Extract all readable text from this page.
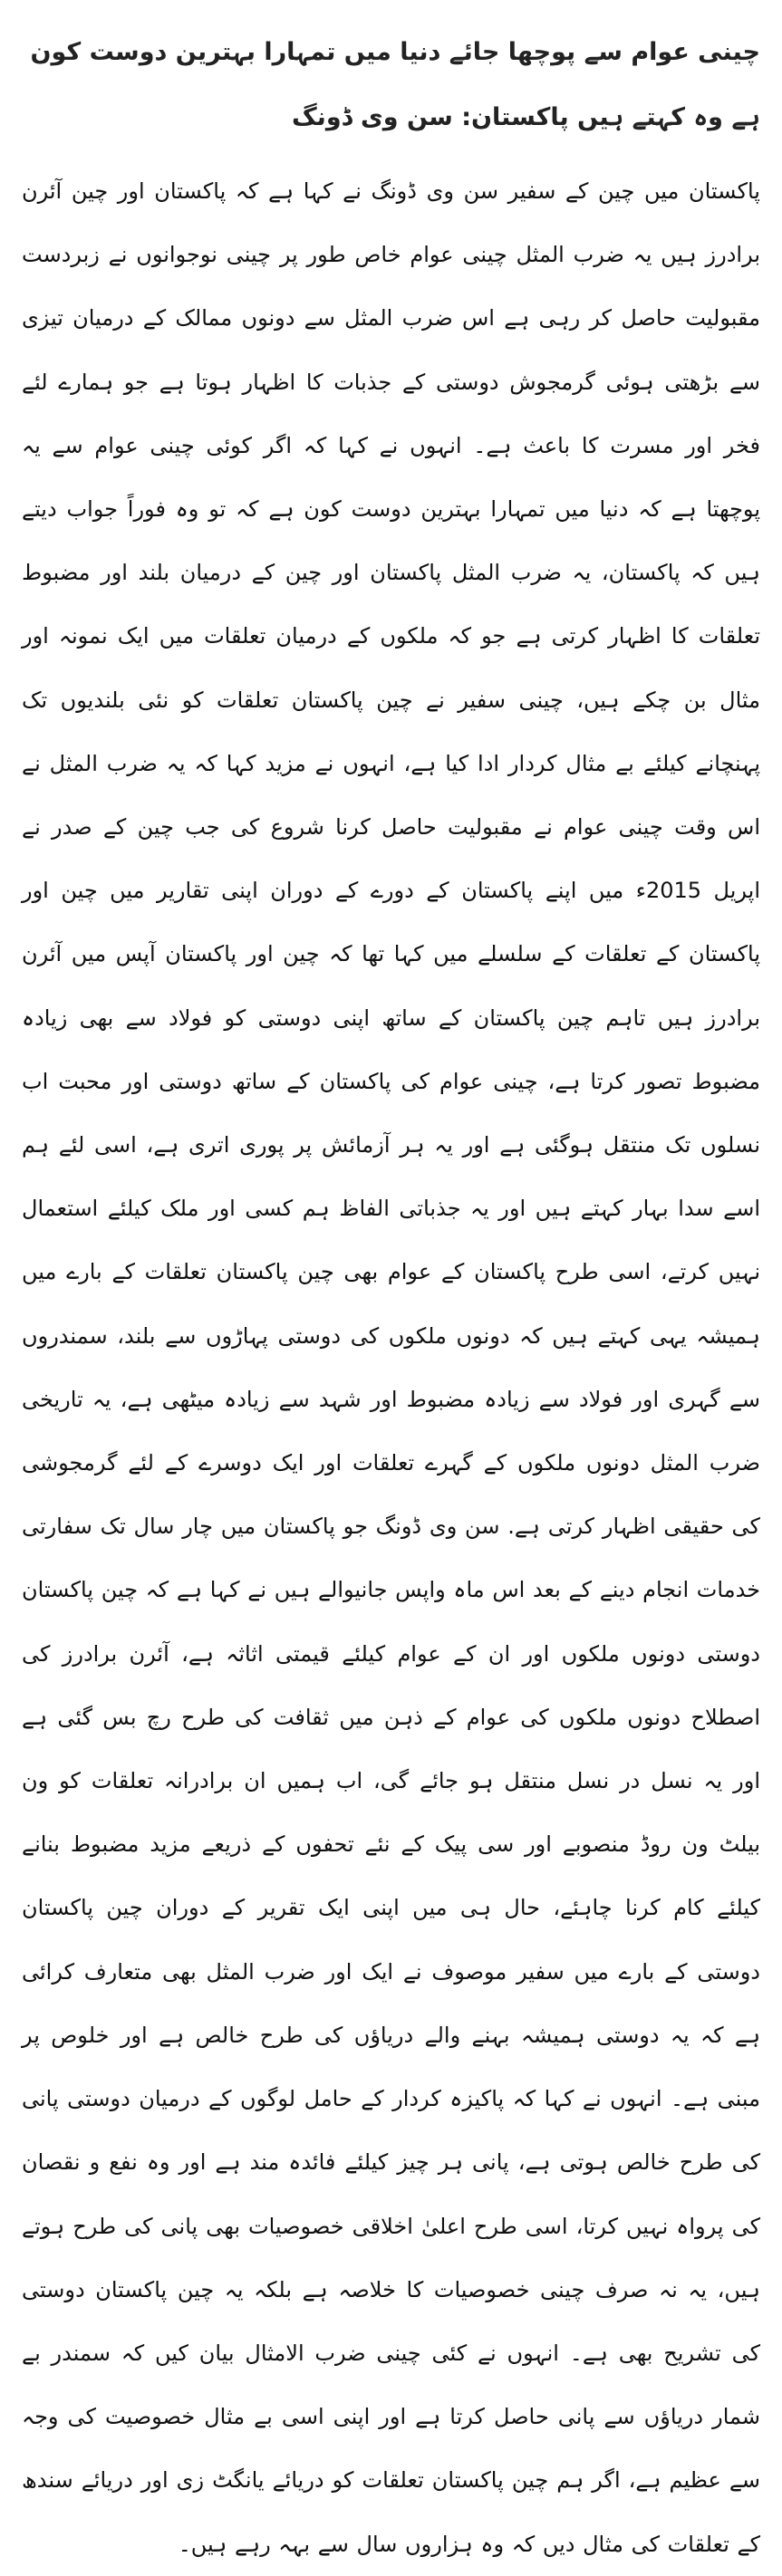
چینی عوام سے پوچھا جائے دنیا میں تمہارا بہترین دوست کون ہے وہ کہتے ہیں پاکستان: سن وی ڈونگ

پاکستان میں چین کے سفیر سن وی ڈونگ نے کہا ہے کہ پاکستان اور چین آئرن برادرز ہیں یہ ضرب المثل چینی عوام خاص طور پر چینی نوجوانوں نے زبردست مقبولیت حاصل کر رہی ہے اس ضرب المثل سے دونوں ممالک کے درمیان تیزی سے بڑھتی ہوئی گرمجوش دوستی کے جذبات کا اظہار ہوتا ہے جو ہمارے لئے فخر اور مسرت کا باعث ہے۔ انہوں نے کہا کہ اگر کوئی چینی عوام سے یہ پوچھتا ہے کہ دنیا میں تمہارا بہترین دوست کون ہے کہ تو وہ فوراً جواب دیتے ہیں کہ پاکستان، یہ ضرب المثل پاکستان اور چین کے درمیان بلند اور مضبوط تعلقات کا اظہار کرتی ہے جو کہ ملکوں کے درمیان تعلقات میں ایک نمونہ اور مثال بن چکے ہیں، چینی سفیر نے چین پاکستان تعلقات کو نئی بلندیوں تک پہنچانے کیلئے بے مثال کردار ادا کیا ہے، انہوں نے مزید کہا کہ یہ ضرب المثل نے اس وقت چینی عوام نے مقبولیت حاصل کرنا شروع کی جب چین کے صدر نے اپریل 2015ء میں اپنے پاکستان کے دورے کے دوران اپنی تقاریر میں چین اور پاکستان کے تعلقات کے سلسلے میں کہا تھا کہ چین اور پاکستان آپس میں آئرن برادرز ہیں تاہم چین پاکستان کے ساتھ اپنی دوستی کو فولاد سے بھی زیادہ مضبوط تصور کرتا ہے، چینی عوام کی پاکستان کے ساتھ دوستی اور محبت اب نسلوں تک منتقل ہوگئی ہے اور یہ ہر آزمائش پر پوری اتری ہے، اسی لئے ہم اسے سدا بہار کہتے ہیں اور یہ جذباتی الفاظ ہم کسی اور ملک کیلئے استعمال نہیں کرتے، اسی طرح پاکستان کے عوام بھی چین پاکستان تعلقات کے بارے میں ہمیشہ یہی کہتے ہیں کہ دونوں ملکوں کی دوستی پہاڑوں سے بلند، سمندروں سے گہری اور فولاد سے زیادہ مضبوط اور شہد سے زیادہ میٹھی ہے، یہ تاریخی ضرب المثل دونوں ملکوں کے گہرے تعلقات اور ایک دوسرے کے لئے گرمجوشی کی حقیقی اظہار کرتی ہے. سن وی ڈونگ جو پاکستان میں چار سال تک سفارتی خدمات انجام دینے کے بعد اس ماہ واپس جانیوالے ہیں نے کہا ہے کہ چین پاکستان دوستی دونوں ملکوں اور ان کے عوام کیلئے قیمتی اثاثہ ہے، آئرن برادرز کی اصطلاح دونوں ملکوں کی عوام کے ذہن میں ثقافت کی طرح رچ بس گئی ہے اور یہ نسل در نسل منتقل ہو جائے گی، اب ہمیں ان برادرانہ تعلقات کو ون بیلٹ ون روڈ منصوبے اور سی پیک کے نئے تحفوں کے ذریعے مزید مضبوط بنانے کیلئے کام کرنا چاہئے، حال ہی میں اپنی ایک تقریر کے دوران چین پاکستان دوستی کے بارے میں سفیر موصوف نے ایک اور ضرب المثل بھی متعارف کرائی ہے کہ یہ دوستی ہمیشہ بہنے والے دریاؤں کی طرح خالص ہے اور خلوص پر مبنی ہے۔ انہوں نے کہا کہ پاکیزہ کردار کے حامل لوگوں کے درمیان دوستی پانی کی طرح خالص ہوتی ہے، پانی ہر چیز کیلئے فائدہ مند ہے اور وہ نفع و نقصان کی پرواہ نہیں کرتا، اسی طرح اعلیٰ اخلاقی خصوصیات بھی پانی کی طرح ہوتے ہیں، یہ نہ صرف چینی خصوصیات کا خلاصہ ہے بلکہ یہ چین پاکستان دوستی کی تشریح بھی ہے۔ انہوں نے کئی چینی ضرب الامثال بیان کیں کہ سمندر بے شمار دریاؤں سے پانی حاصل کرتا ہے اور اپنی اسی بے مثال خصوصیت کی وجہ سے عظیم ہے، اگر ہم چین پاکستان تعلقات کو دریائے یانگٹ زی اور دریائے سندھ کے تعلقات کی مثال دیں کہ وہ ہزاروں سال سے بہہ رہے ہیں۔
